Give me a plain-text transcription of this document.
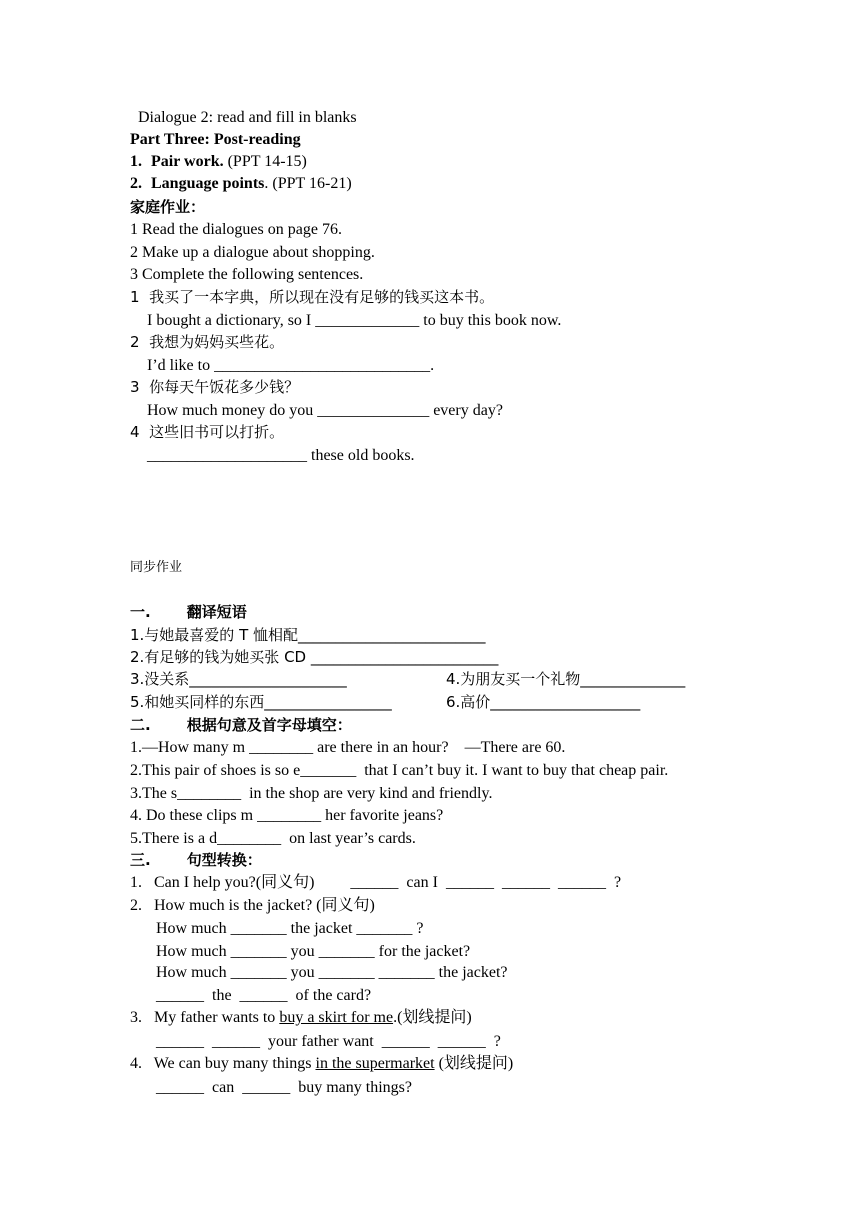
Dialogue 2: read and fill in blanks
Part Three: Post-reading
1. Pair work. (PPT 14-15)
2. Language points. (PPT 16-21)
家庭作业：
1 Read the dialogues on page 76.
2 Make up a dialogue about shopping.
3 Complete the following sentences.
1  我买了一本字典，所以现在没有足够的钱买这本书。
I bought a dictionary, so I _____________ to buy this book now.
2  我想为妈妈买些花。
I’d like to ___________________________.
3  你每天午饭花多少钱？
How much money do you ______________ every day?
4  这些旧书可以打折。
____________________ these old books.
同步作业
一. 翻译短语
1.与她最喜爱的 T 恤相配_________________________
2.有足够的钱为她买张 CD _________________________
3.没关系_____________________	4.为朋友买一个礼物______________
5.和她买同样的东西_________________	6.高价____________________
二. 根据句意及首字母填空：
1.—How many m ________ are there in an hour?    —There are 60.
2.This pair of shoes is so e_______  that I can’t buy it. I want to buy that cheap pair.
3.The s________  in the shop are very kind and friendly.
4. Do these clips m ________ her favorite jeans?
5.There is a d________  on last year’s cards.
三. 句型转换：
1.   Can I help you?(同义句)         ______  can I  ______  ______  ______  ?
2.   How much is the jacket? (同义句)
How much _______ the jacket _______ ?
How much _______ you _______ for the jacket?
How much _______ you _______ _______ the jacket?
______  the  ______  of the card?
3.   My father wants to buy a skirt for me.(划线提问)
______  ______  your father want  ______  ______  ?
4.   We can buy many things in the supermarket (划线提问)
______  can  ______  buy many things?
